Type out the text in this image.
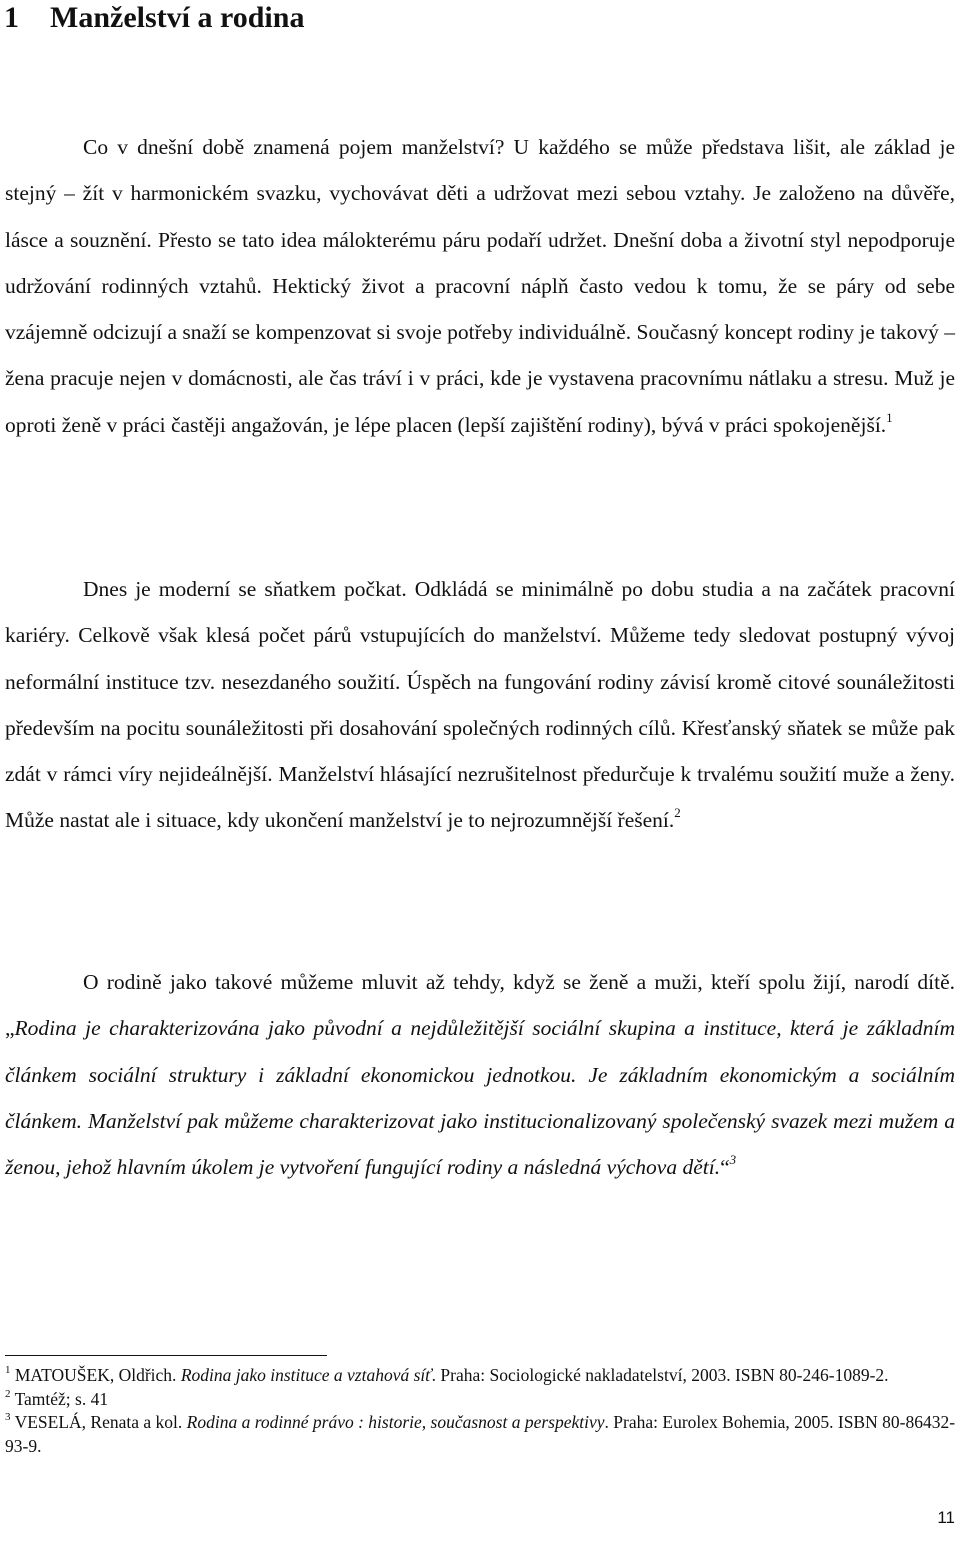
1 Manželství a rodina

Co v dnešní době znamená pojem manželství? U každého se může představa lišit, ale základ je stejný – žít v harmonickém svazku, vychovávat děti a udržovat mezi sebou vztahy. Je založeno na důvěře, lásce a souznění. Přesto se tato idea málokterému páru podaří udržet. Dnešní doba a životní styl nepodporuje udržování rodinných vztahů. Hektický život a pracovní náplň často vedou k tomu, že se páry od sebe vzájemně odcizují a snaží se kompenzovat si svoje potřeby individuálně. Současný koncept rodiny je takový – žena pracuje nejen v domácnosti, ale čas tráví i v práci, kde je vystavena pracovnímu nátlaku a stresu. Muž je oproti ženě v práci častěji angažován, je lépe placen (lepší zajištění rodiny), bývá v práci spokojenější.$^1$

Dnes je moderní se sňatkem počkat. Odkládá se minimálně po dobu studia a na začátek pracovní kariéry. Celkově však klesá počet párů vstupujících do manželství. Můžeme tedy sledovat postupný vývoj neformální instituce tzv. nesezdaného soužití. Úspěch na fungování rodiny závisí kromě citové sounáležitosti především na pocitu sounáležitosti při dosahování společných rodinných cílů. Křesťanský sňatek se může pak zdát v rámci víry nejideálnější. Manželství hlásající nezrušitelnost předurčuje k trvalému soužití muže a ženy. Může nastat ale i situace, kdy ukončení manželství je to nejrozumnější řešení.$^2$

O rodině jako takové můžeme mluvit až tehdy, když se ženě a muži, kteří spolu žijí, narodí dítě. „Rodina je charakterizována jako původní a nejdůležitější sociální skupina a instituce, která je základním článkem sociální struktury i základní ekonomickou jednotkou. Je základním ekonomickým a sociálním článkem. Manželství pak můžeme charakterizovat jako institucionalizovaný společenský svazek mezi mužem a ženou, jehož hlavním úkolem je vytvoření fungující rodiny a následná výchova dětí.“$^3$

$^1$ MATOUŠEK, Oldřich. Rodina jako instituce a vztahová síť. Praha: Sociologické nakladatelství, 2003. ISBN 80-246-1089-2.

$^2$ Tamtéž; s. 41

$^3$ VESELÁ, Renata a kol. Rodina a rodinné právo : historie, současnost a perspektivy. Praha: Eurolex Bohemia, 2005. ISBN 80-86432-93-9.

11
